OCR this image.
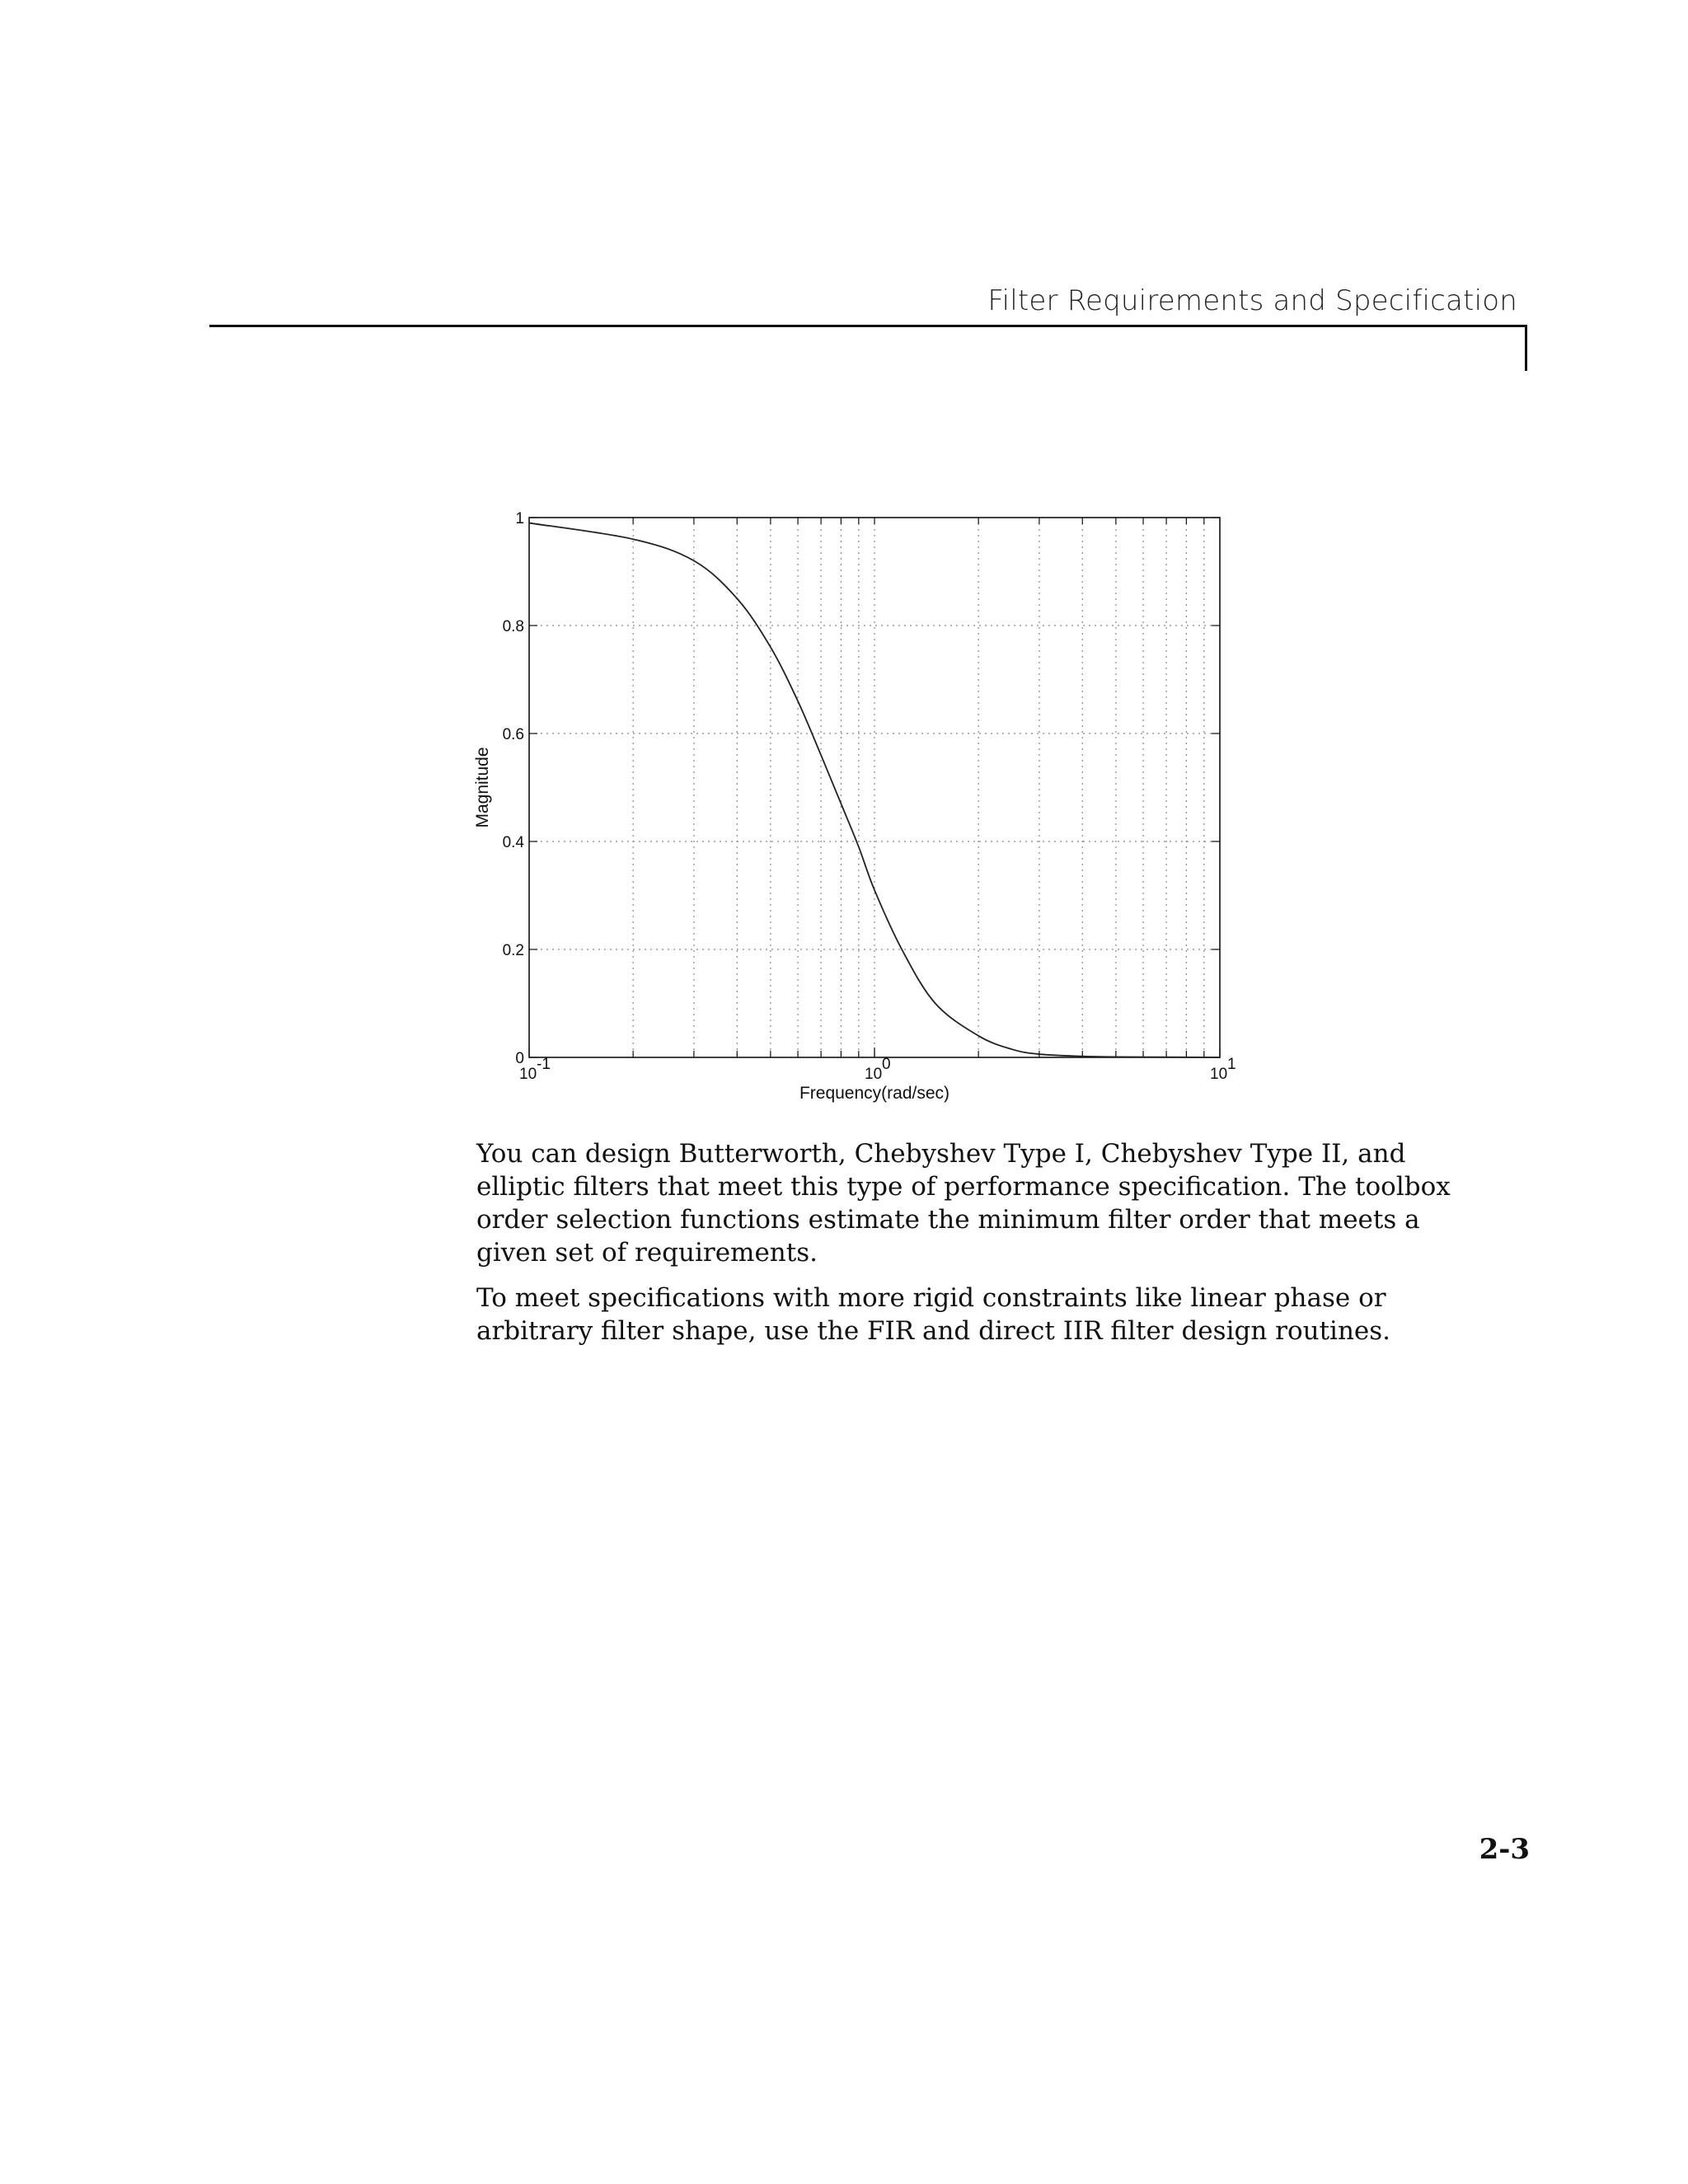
Filter Requirements and Specification
0
0.2
0.4
0.6
0.8
1
10
-1
10
0
10
1
Frequency(rad/sec)
Magnitude

You can design Butterworth, Chebyshev Type I, Chebyshev Type II, and elliptic filters that meet this type of performance specification. The toolbox order selection functions estimate the minimum filter order that meets a given set of requirements.

To meet specifications with more rigid constraints like linear phase or arbitrary filter shape, use the FIR and direct IIR filter design routines.

2-3
